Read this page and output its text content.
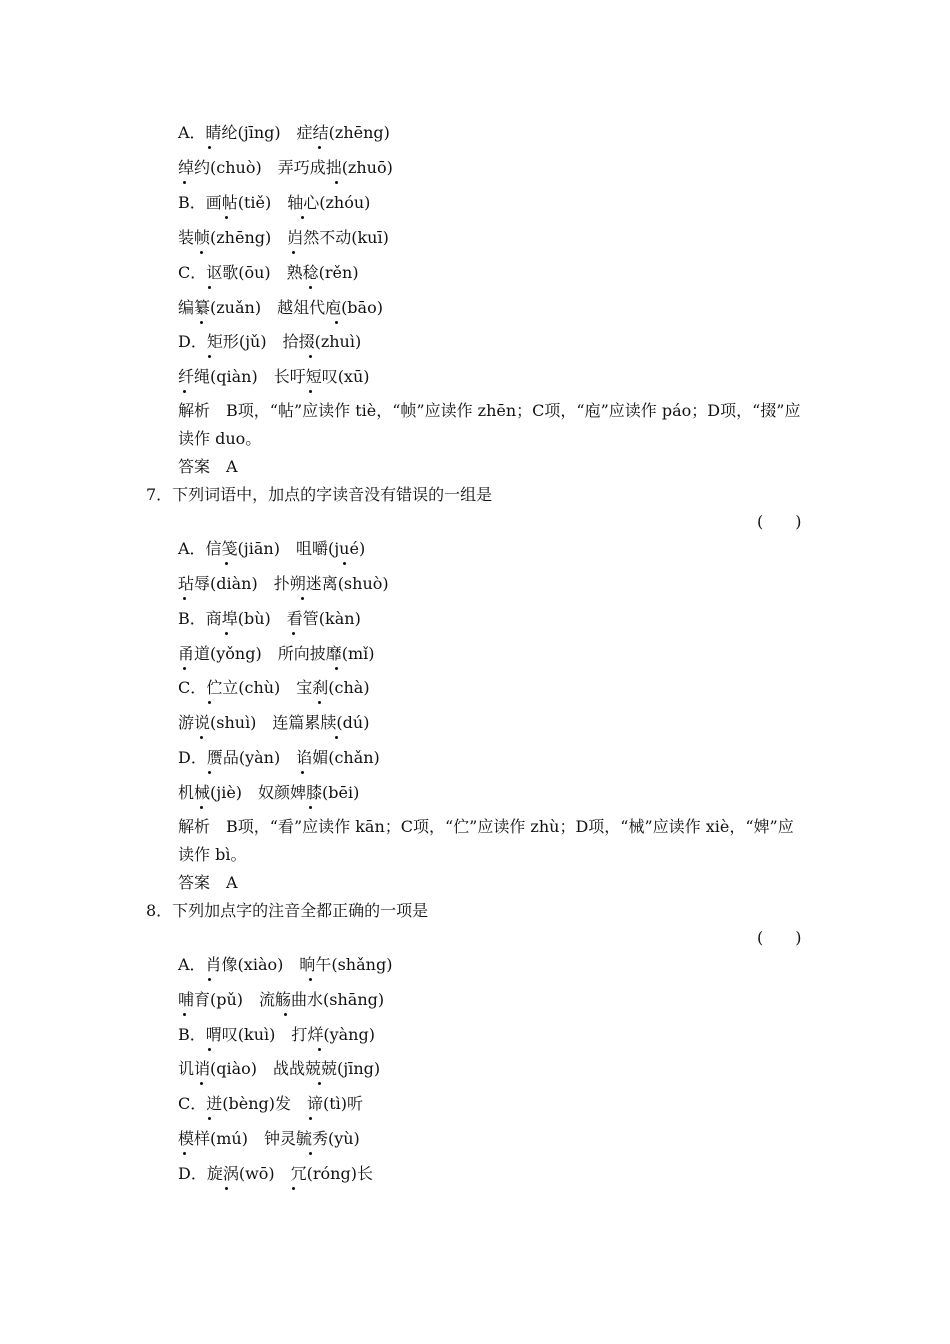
A．睛纶(jīng)　症结(zhēng)
绰约(chuò)　弄巧成拙(zhuō)
B．画帖(tiě)　轴心(zhóu)
装帧(zhēng)　岿然不动(kuī)
C．讴歌(ōu)　熟稔(rěn)
编纂(zuǎn)　越俎代庖(bāo)
D．矩形(jǔ)　拾掇(zhuì)
纤绳(qiàn)　长吁短叹(xū)
解析　B项，“帖”应读作 tiè，“帧”应读作 zhēn；C项，“庖”应读作 páo；D项，“掇”应读作 duo。
答案　A
7．下列词语中，加点的字读音没有错误的一组是
(　　)
A．信笺(jiān)　咀嚼(jué)
玷辱(diàn)　扑朔迷离(shuò)
B．商埠(bù)　看管(kàn)
甬道(yǒng)　所向披靡(mǐ)
C．伫立(chù)　宝刹(chà)
游说(shuì)　连篇累牍(dú)
D．赝品(yàn)　谄媚(chǎn)
机械(jiè)　奴颜婢膝(bēi)
解析　B项，“看”应读作 kān；C项，“伫”应读作 zhù；D项，“械”应读作 xiè，“婢”应读作 bì。
答案　A
8．下列加点字的注音全都正确的一项是
(　　)
A．肖像(xiào)　晌午(shǎng)
哺育(pǔ)　流觞曲水(shāng)
B．喟叹(kuì)　打烊(yàng)
讥诮(qiào)　战战兢兢(jīng)
C．迸(bèng)发　谛(tì)听
模样(mú)　钟灵毓秀(yù)
D．旋涡(wō)　冗(róng)长
